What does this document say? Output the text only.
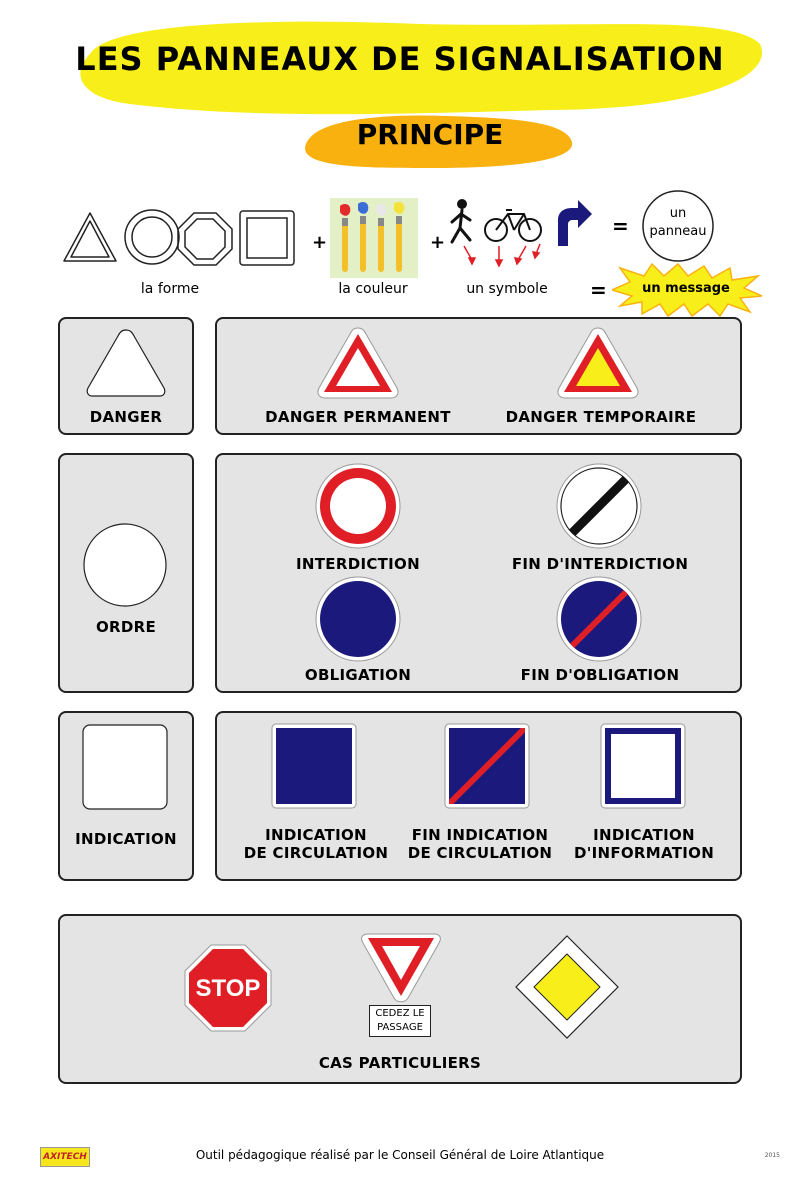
LES PANNEAUX DE SIGNALISATION
PRINCIPE
+	+
=
un
panneau
la forme	la couleur	un symbole =	un message
DANGER	DANGER PERMANENT	DANGER TEMPORAIRE
ORDRE
INTERDICTION	FIN D'INTERDICTION
OBLIGATION	FIN D'OBLIGATION
INDICATION	INDICATION
DE CIRCULATION
FIN INDICATION
DE CIRCULATION
INDICATION
D'INFORMATION
STOP
CEDEZ LE
PASSAGE
CAS PARTICULIERS
AXITECH	Outil pédagogique réalisé par le Conseil Général de Loire Atlantique	2015
